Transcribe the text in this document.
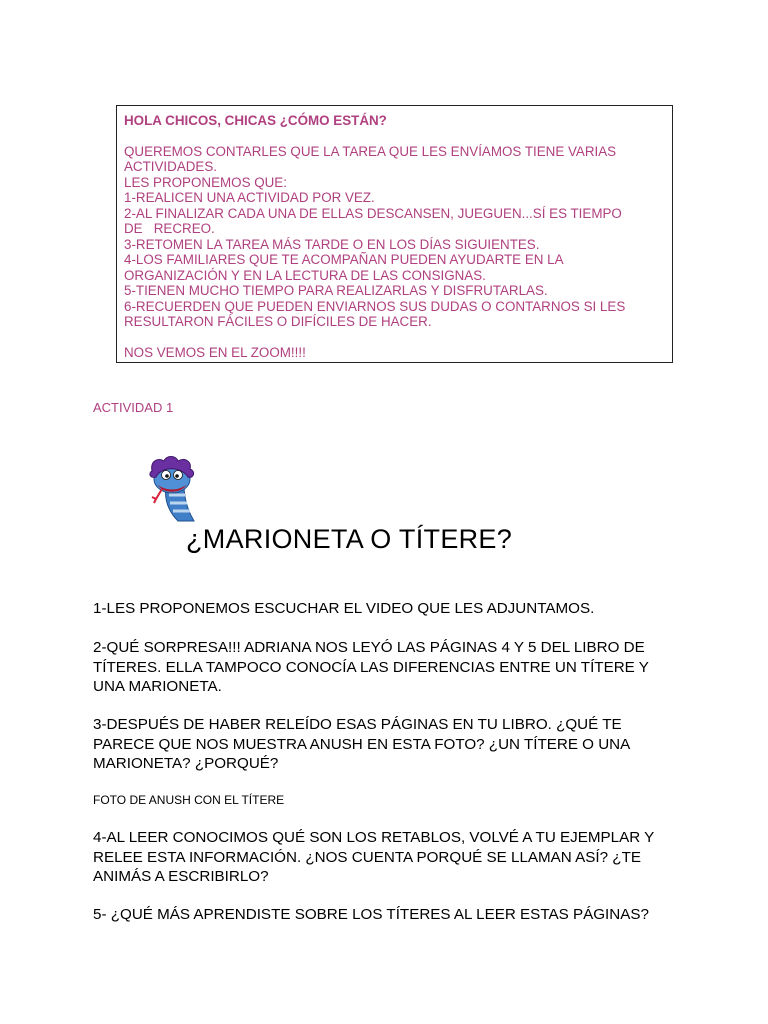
HOLA CHICOS, CHICAS ¿CÓMO ESTÁN?
QUEREMOS CONTARLES QUE LA TAREA QUE LES ENVÍAMOS TIENE VARIAS
ACTIVIDADES.
LES PROPONEMOS QUE:
1-REALICEN UNA ACTIVIDAD POR VEZ.
2-AL FINALIZAR CADA UNA DE ELLAS DESCANSEN, JUEGUEN...SÍ ES TIEMPO
DE   RECREO.
3-RETOMEN LA TAREA MÁS TARDE O EN LOS DÍAS SIGUIENTES.
4-LOS FAMILIARES QUE TE ACOMPAÑAN PUEDEN AYUDARTE EN LA
ORGANIZACIÓN Y EN LA LECTURA DE LAS CONSIGNAS.
5-TIENEN MUCHO TIEMPO PARA REALIZARLAS Y DISFRUTARLAS.
6-RECUERDEN QUE PUEDEN ENVIARNOS SUS DUDAS O CONTARNOS SI LES
RESULTARON FÁCILES O DIFÍCILES DE HACER.
NOS VEMOS EN EL ZOOM!!!!
ACTIVIDAD 1
¿MARIONETA O TÍTERE?
1-LES PROPONEMOS ESCUCHAR EL VIDEO QUE LES ADJUNTAMOS.
2-QUÉ SORPRESA!!! ADRIANA NOS LEYÓ LAS PÁGINAS 4 Y 5 DEL LIBRO DE
TÍTERES. ELLA TAMPOCO CONOCÍA LAS DIFERENCIAS ENTRE UN TÍTERE Y
UNA MARIONETA.
3-DESPUÉS DE HABER RELEÍDO ESAS PÁGINAS EN TU LIBRO. ¿QUÉ TE
PARECE QUE NOS MUESTRA ANUSH EN ESTA FOTO? ¿UN TÍTERE O UNA
MARIONETA? ¿PORQUÉ?
FOTO DE ANUSH CON EL TÍTERE
4-AL LEER CONOCIMOS QUÉ SON LOS RETABLOS, VOLVÉ A TU EJEMPLAR Y
RELEE ESTA INFORMACIÓN. ¿NOS CUENTA PORQUÉ SE LLAMAN ASÍ? ¿TE
ANIMÁS A ESCRIBIRLO?
5- ¿QUÉ MÁS APRENDISTE SOBRE LOS TÍTERES AL LEER ESTAS PÁGINAS?
